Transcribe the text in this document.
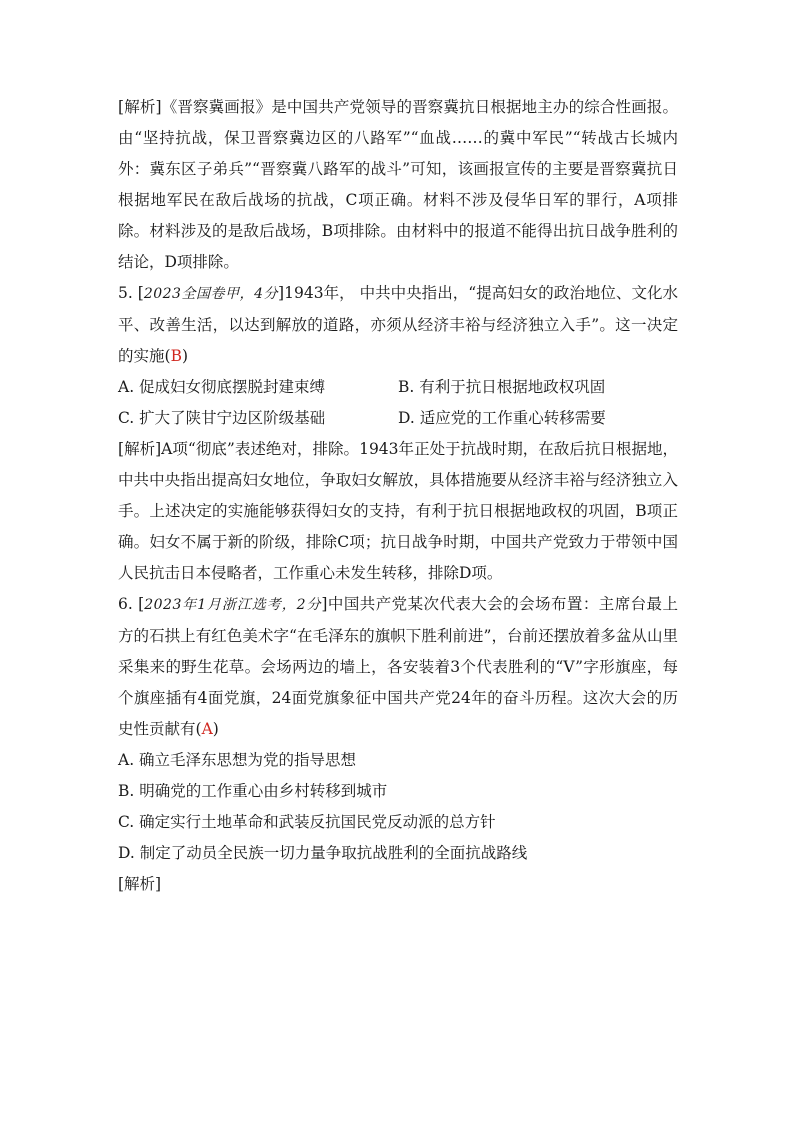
[解析]《晋察冀画报》是中国共产党领导的晋察冀抗日根据地主办的综合性画报。由“坚持抗战，保卫晋察冀边区的八路军”“血战……的冀中军民”“转战古长城内外：冀东区子弟兵”“晋察冀八路军的战斗”可知，该画报宣传的主要是晋察冀抗日根据地军民在敌后战场的抗战，C项正确。材料不涉及侵华日军的罪行，A项排除。材料涉及的是敌后战场，B项排除。由材料中的报道不能得出抗日战争胜利的结论，D项排除。

5. [2023全国卷甲，4分]1943年， 中共中央指出，“提高妇女的政治地位、文化水平、改善生活，以达到解放的道路，亦须从经济丰裕与经济独立入手”。这一决定的实施(B)

A. 促成妇女彻底摆脱封建束缚	B. 有利于抗日根据地政权巩固
C. 扩大了陕甘宁边区阶级基础	D. 适应党的工作重心转移需要

[解析]A项“彻底”表述绝对，排除。1943年正处于抗战时期，在敌后抗日根据地，中共中央指出提高妇女地位，争取妇女解放，具体措施要从经济丰裕与经济独立入手。上述决定的实施能够获得妇女的支持，有利于抗日根据地政权的巩固，B项正确。妇女不属于新的阶级，排除C项；抗日战争时期，中国共产党致力于带领中国人民抗击日本侵略者，工作重心未发生转移，排除D项。

6. [2023年1月浙江选考，2分]中国共产党某次代表大会的会场布置：主席台最上方的石拱上有红色美术字“在毛泽东的旗帜下胜利前进”，台前还摆放着多盆从山里采集来的野生花草。会场两边的墙上，各安装着3个代表胜利的“V”字形旗座，每个旗座插有4面党旗，24面党旗象征中国共产党24年的奋斗历程。这次大会的历史性贡献有(A)

A. 确立毛泽东思想为党的指导思想
B. 明确党的工作重心由乡村转移到城市
C. 确定实行土地革命和武装反抗国民党反动派的总方针
D. 制定了动员全民族一切力量争取抗战胜利的全面抗战路线

[解析]
